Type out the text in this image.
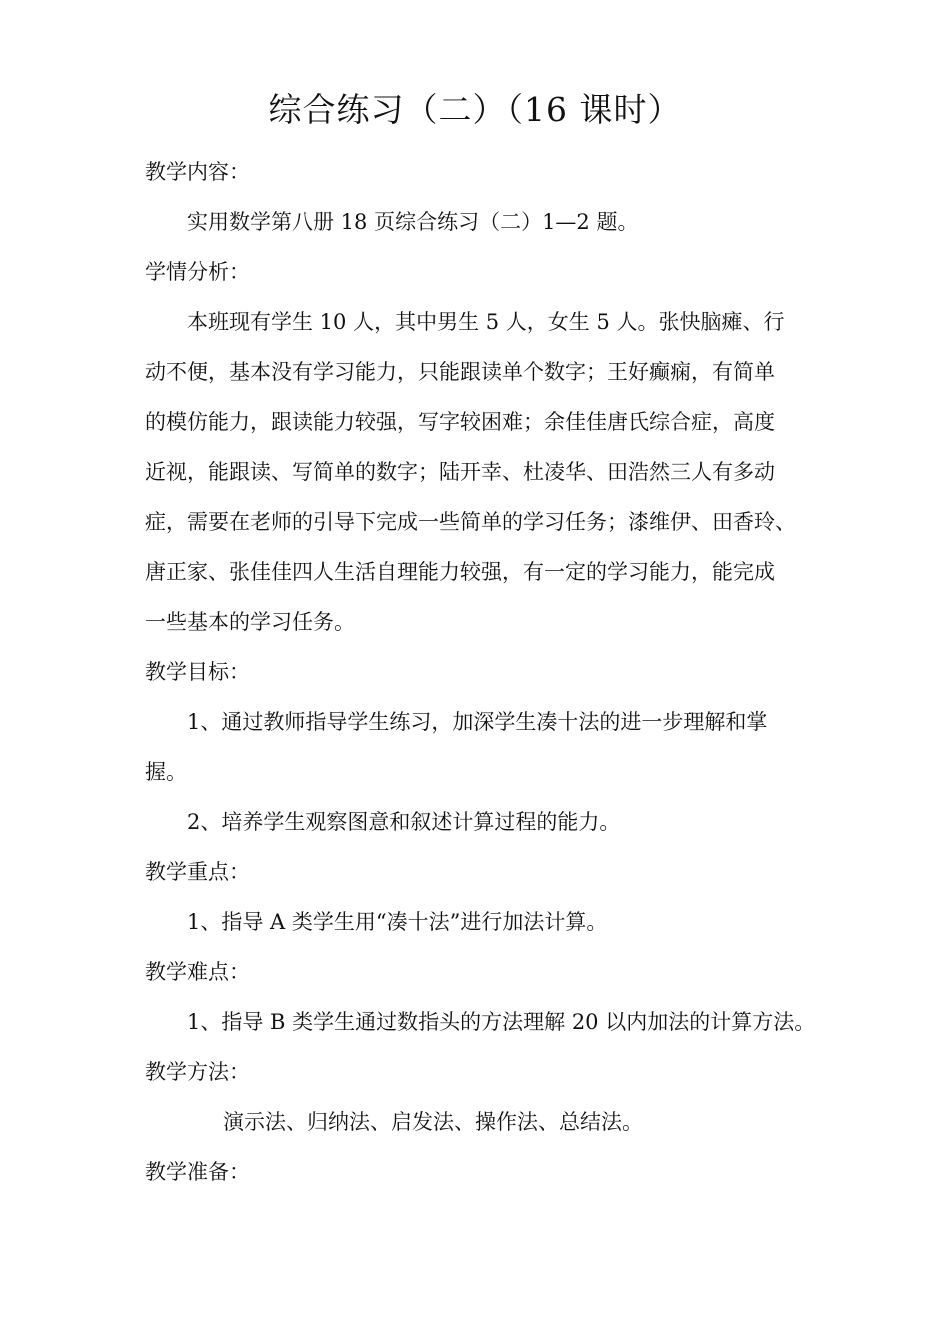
综合练习（二）（16 课时）
教学内容：
实用数学第八册 18 页综合练习（二）1—2 题。
学情分析：
本班现有学生 10 人，其中男生 5 人，女生 5 人。张快脑瘫、行
动不便，基本没有学习能力，只能跟读单个数字；王好癫痫，有简单
的模仿能力，跟读能力较强，写字较困难；余佳佳唐氏综合症，高度
近视，能跟读、写简单的数字；陆开幸、杜凌华、田浩然三人有多动
症，需要在老师的引导下完成一些简单的学习任务；漆维伊、田香玲、
唐正家、张佳佳四人生活自理能力较强，有一定的学习能力，能完成
一些基本的学习任务。
教学目标：
1、通过教师指导学生练习，加深学生凑十法的进一步理解和掌
握。
2、培养学生观察图意和叙述计算过程的能力。
教学重点：
1、指导 A 类学生用“凑十法”进行加法计算。
教学难点：
1、指导 B 类学生通过数指头的方法理解 20 以内加法的计算方法。
教学方法：
演示法、归纳法、启发法、操作法、总结法。
教学准备：
